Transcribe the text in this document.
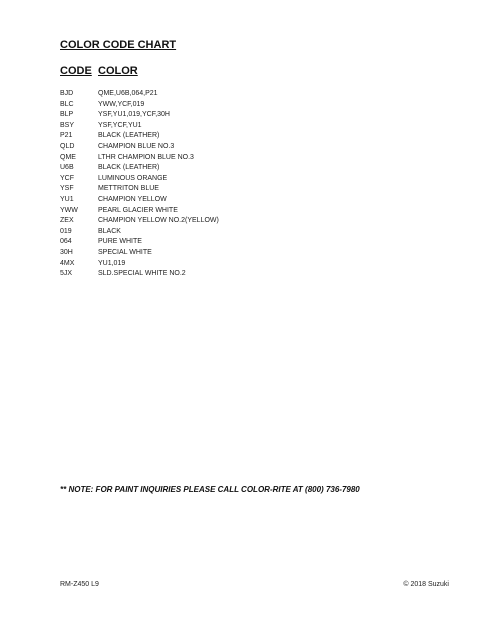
COLOR CODE CHART
CODE COLOR
BJD	QME,U6B,064,P21
BLC	YWW,YCF,019
BLP	YSF,YU1,019,YCF,30H
BSY	YSF,YCF,YU1
P21	BLACK (LEATHER)
QLD	CHAMPION BLUE NO.3
QME	LTHR CHAMPION BLUE NO.3
U6B	BLACK (LEATHER)
YCF	LUMINOUS ORANGE
YSF	METTRITON BLUE
YU1	CHAMPION YELLOW
YWW	PEARL GLACIER WHITE
ZEX	CHAMPION YELLOW NO.2(YELLOW)
019	BLACK
064	PURE WHITE
30H	SPECIAL WHITE
4MX	YU1,019
5JX	SLD.SPECIAL WHITE NO.2
** NOTE: FOR PAINT INQUIRIES PLEASE CALL COLOR-RITE AT (800) 736-7980
RM-Z450 L9	© 2018 Suzuki
